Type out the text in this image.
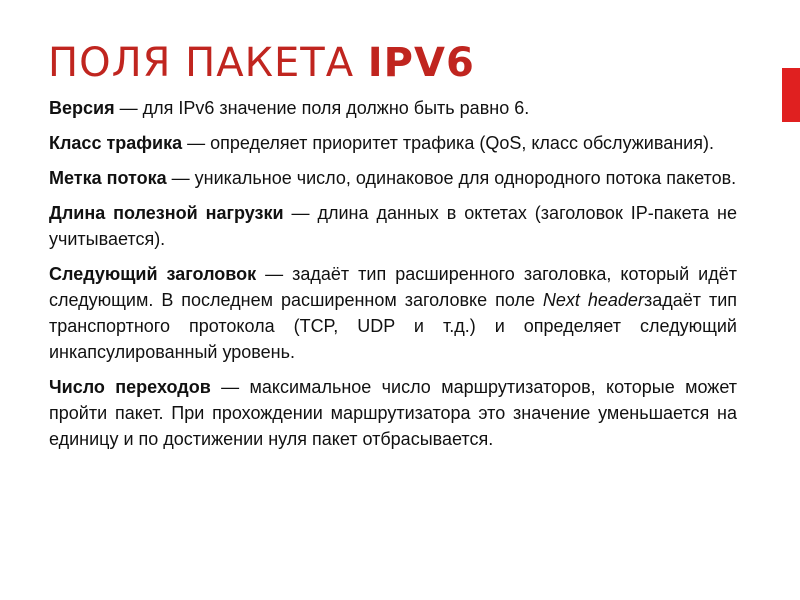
ПОЛЯ ПАКЕТА IPV6

Версия — для IPv6 значение поля должно быть равно 6.

Класс трафика — определяет приоритет трафика (QoS, класс обслуживания).

Метка потока — уникальное число, одинаковое для однородного потока пакетов.

Длина полезной нагрузки — длина данных в октетах (заголовок IP-пакета не учитывается).

Следующий заголовок — задаёт тип расширенного заголовка, который идёт следующим. В последнем расширенном заголовке поле Next headerзадаёт тип транспортного протокола (TCP, UDP и т.д.) и определяет следующий инкапсулированный уровень.

Число переходов — максимальное число маршрутизаторов, которые может пройти пакет. При прохождении маршрутизатора это значение уменьшается на единицу и по достижении нуля пакет отбрасывается.
